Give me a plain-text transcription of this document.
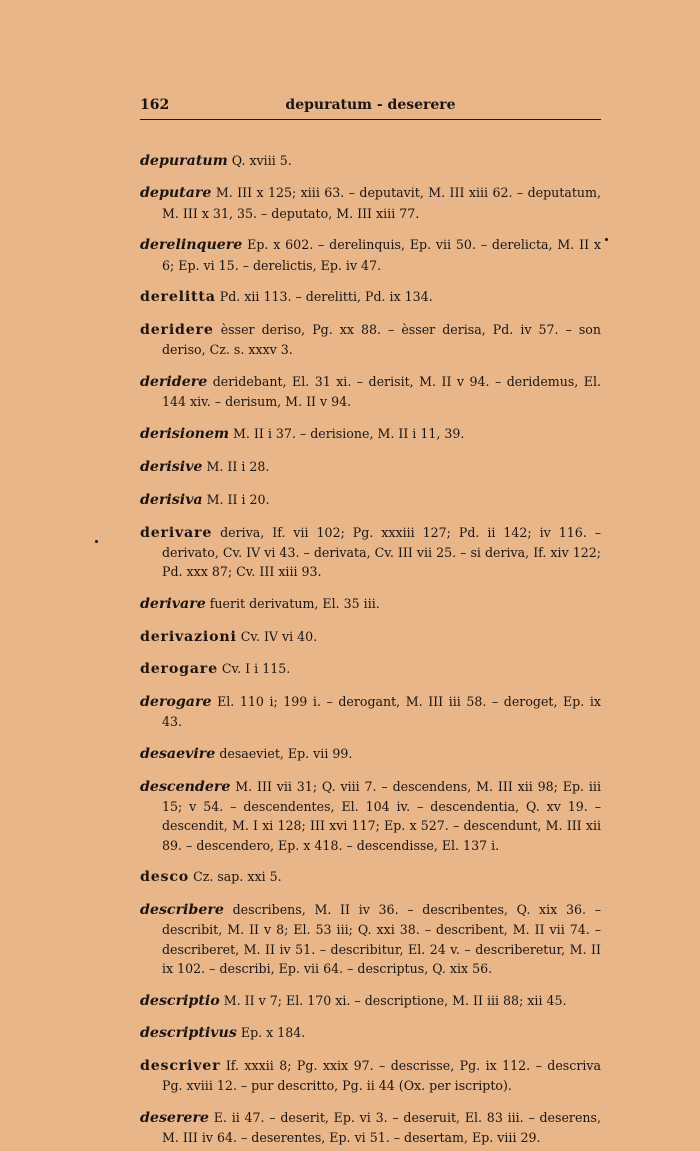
162	depuratum - deserere

depuratum Q. xviii 5.

deputare M. III x 125; xiii 63. – deputavit, M. III xiii 62. – deputatum, M. III x 31, 35. – deputato, M. III xiii 77.

derelinquere Ep. x 602. – derelinquis, Ep. vii 50. – derelicta, M. II x 6; Ep. vi 15. – derelictis, Ep. iv 47.

derelitta Pd. xii 113. – derelitti, Pd. ix 134.

deridere èsser deriso, Pg. xx 88. – èsser derisa, Pd. iv 57. – son deriso, Cz. s. xxxv 3.

deridere deridebant, El. 31 xi. – derisit, M. II v 94. – deridemus, El. 144 xiv. – derisum, M. II v 94.

derisionem M. II i 37. – derisione, M. II i 11, 39.

derisive M. II i 28.

derisiva M. II i 20.

derivare deriva, If. vii 102; Pg. xxxiii 127; Pd. ii 142; iv 116. – derivato, Cv. IV vi 43. – derivata, Cv. III vii 25. – si deriva, If. xiv 122; Pd. xxx 87; Cv. III xiii 93.

derivare fuerit derivatum, El. 35 iii.

derivazioni Cv. IV vi 40.

derogare Cv. I i 115.

derogare El. 110 i; 199 i. – derogant, M. III iii 58. – deroget, Ep. ix 43.

desaevire desaeviet, Ep. vii 99.

descendere M. III vii 31; Q. viii 7. – descendens, M. III xii 98; Ep. iii 15; v 54. – descendentes, El. 104 iv. – descendentia, Q. xv 19. – descendit, M. I xi 128; III xvi 117; Ep. x 527. – descendunt, M. III xii 89. – descendero, Ep. x 418. – descendisse, El. 137 i.

desco Cz. sap. xxi 5.

describere describens, M. II iv 36. – describentes, Q. xix 36. – describit, M. II v 8; El. 53 iii; Q. xxi 38. – describent, M. II vii 74. – describeret, M. II iv 51. – describitur, El. 24 v. – describeretur, M. II ix 102. – describi, Ep. vii 64. – descriptus, Q. xix 56.

descriptio M. II v 7; El. 170 xi. – descriptione, M. II iii 88; xii 45.

descriptivus Ep. x 184.

descriver If. xxxii 8; Pg. xxix 97. – descrisse, Pg. ix 112. – descriva Pg. xviii 12. – pur descritto, Pg. ii 44 (Ox. per iscripto).

deserere E. ii 47. – deserit, Ep. vi 3. – deseruit, El. 83 iii. – deserens, M. III iv 64. – deserentes, Ep. vi 51. – desertam, Ep. viii 29.
